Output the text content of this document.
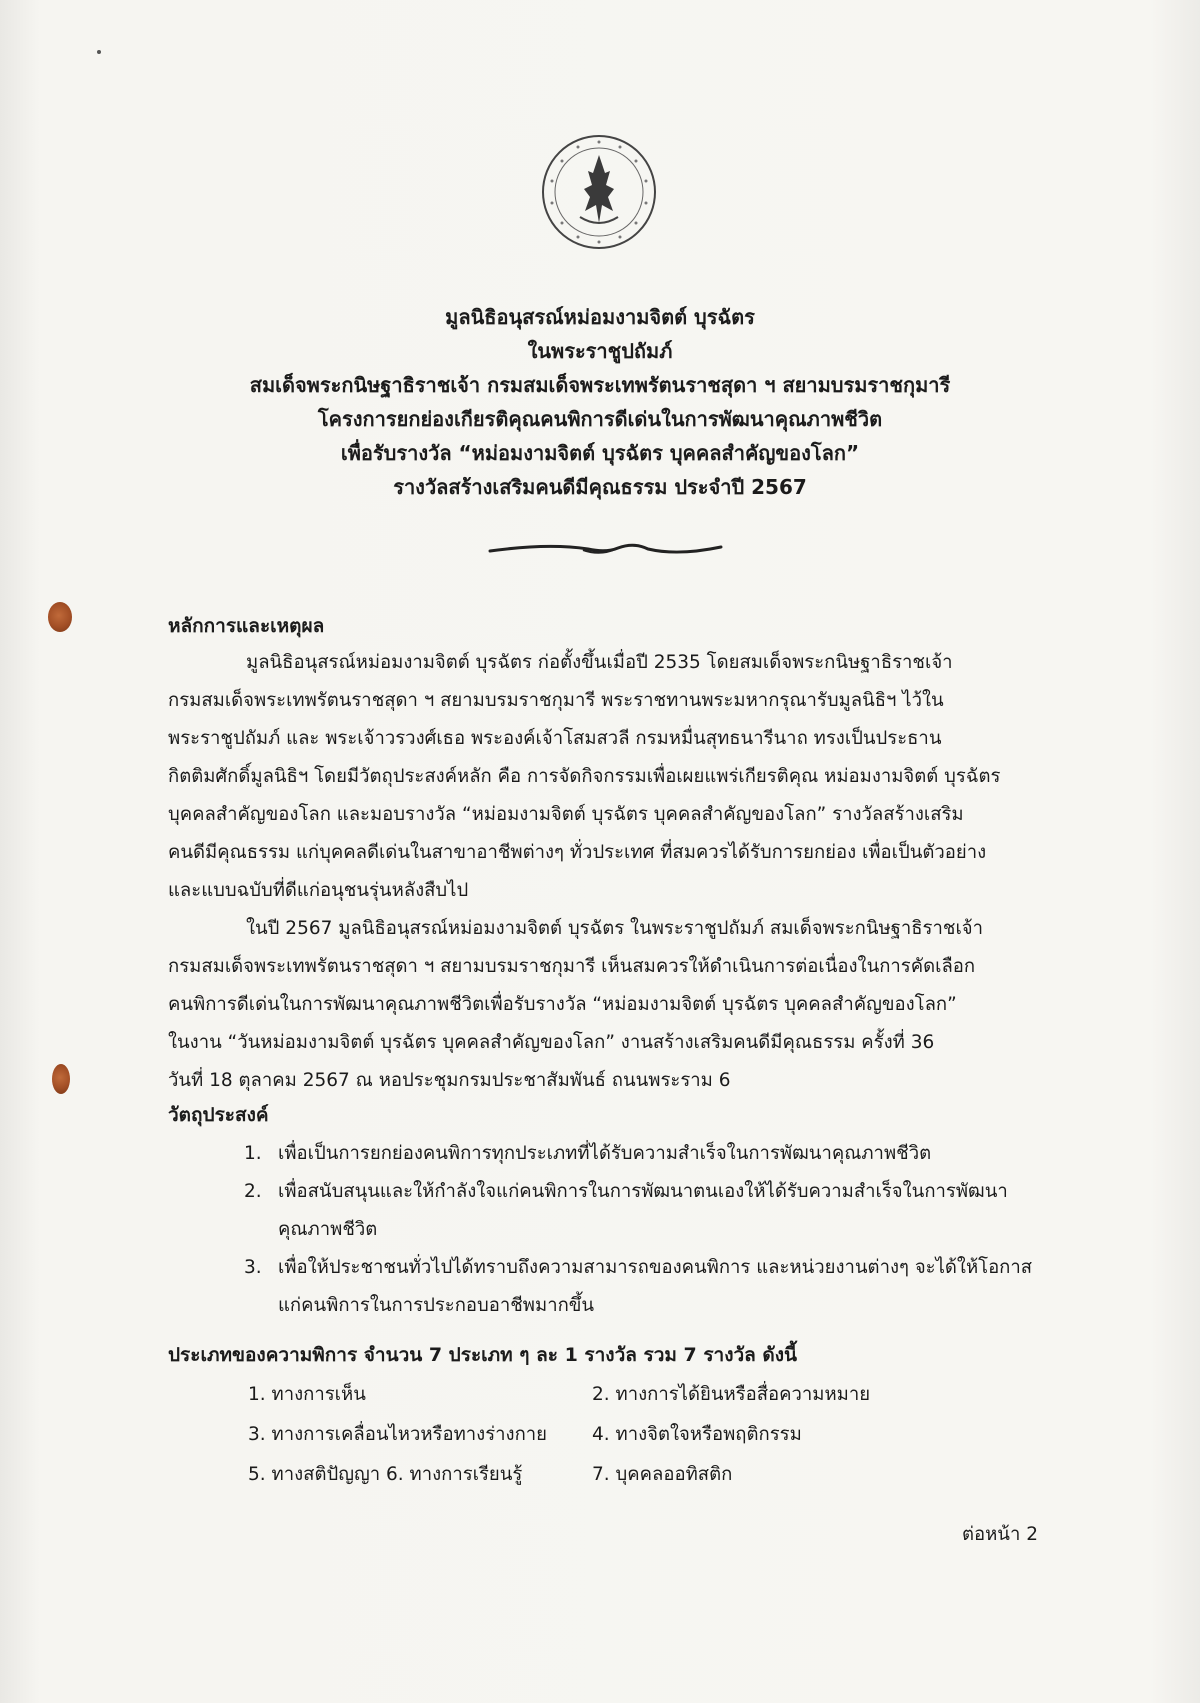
มูลนิธิอนุสรณ์หม่อมงามจิตต์ บุรฉัตร
ในพระราชูปถัมภ์
สมเด็จพระกนิษฐาธิราชเจ้า กรมสมเด็จพระเทพรัตนราชสุดา ฯ สยามบรมราชกุมารี
โครงการยกย่องเกียรติคุณคนพิการดีเด่นในการพัฒนาคุณภาพชีวิต
เพื่อรับรางวัล “หม่อมงามจิตต์ บุรฉัตร บุคคลสำคัญของโลก”
รางวัลสร้างเสริมคนดีมีคุณธรรม ประจำปี 2567
หลักการและเหตุผล
มูลนิธิอนุสรณ์หม่อมงามจิตต์ บุรฉัตร ก่อตั้งขึ้นเมื่อปี 2535 โดยสมเด็จพระกนิษฐาธิราชเจ้า
กรมสมเด็จพระเทพรัตนราชสุดา ฯ สยามบรมราชกุมารี พระราชทานพระมหากรุณารับมูลนิธิฯ ไว้ใน
พระราชูปถัมภ์ และ พระเจ้าวรวงศ์เธอ พระองค์เจ้าโสมสวลี กรมหมื่นสุทธนารีนาถ ทรงเป็นประธาน
กิตติมศักดิ์มูลนิธิฯ โดยมีวัตถุประสงค์หลัก คือ การจัดกิจกรรมเพื่อเผยแพร่เกียรติคุณ หม่อมงามจิตต์ บุรฉัตร
บุคคลสำคัญของโลก และมอบรางวัล “หม่อมงามจิตต์ บุรฉัตร บุคคลสำคัญของโลก” รางวัลสร้างเสริม
คนดีมีคุณธรรม แก่บุคคลดีเด่นในสาขาอาชีพต่างๆ ทั่วประเทศ ที่สมควรได้รับการยกย่อง เพื่อเป็นตัวอย่าง
และแบบฉบับที่ดีแก่อนุชนรุ่นหลังสืบไป
ในปี 2567 มูลนิธิอนุสรณ์หม่อมงามจิตต์ บุรฉัตร ในพระราชูปถัมภ์ สมเด็จพระกนิษฐาธิราชเจ้า
กรมสมเด็จพระเทพรัตนราชสุดา ฯ สยามบรมราชกุมารี เห็นสมควรให้ดำเนินการต่อเนื่องในการคัดเลือก
คนพิการดีเด่นในการพัฒนาคุณภาพชีวิตเพื่อรับรางวัล “หม่อมงามจิตต์ บุรฉัตร บุคคลสำคัญของโลก”
ในงาน “วันหม่อมงามจิตต์ บุรฉัตร บุคคลสำคัญของโลก” งานสร้างเสริมคนดีมีคุณธรรม ครั้งที่ 36
วันที่ 18 ตุลาคม 2567 ณ หอประชุมกรมประชาสัมพันธ์ ถนนพระราม 6
วัตถุประสงค์
1. เพื่อเป็นการยกย่องคนพิการทุกประเภทที่ได้รับความสำเร็จในการพัฒนาคุณภาพชีวิต
2. เพื่อสนับสนุนและให้กำลังใจแก่คนพิการในการพัฒนาตนเองให้ได้รับความสำเร็จในการพัฒนา
คุณภาพชีวิต
3. เพื่อให้ประชาชนทั่วไปได้ทราบถึงความสามารถของคนพิการ และหน่วยงานต่างๆ จะได้ให้โอกาส
แก่คนพิการในการประกอบอาชีพมากขึ้น
ประเภทของความพิการ จำนวน 7 ประเภท ๆ ละ 1 รางวัล รวม 7 รางวัล ดังนี้
1. ทางการเห็น	2. ทางการได้ยินหรือสื่อความหมาย
3. ทางการเคลื่อนไหวหรือทางร่างกาย 4. ทางจิตใจหรือพฤติกรรม
5. ทางสติปัญญา 6. ทางการเรียนรู้	7. บุคคลออทิสติก
ต่อหน้า 2
